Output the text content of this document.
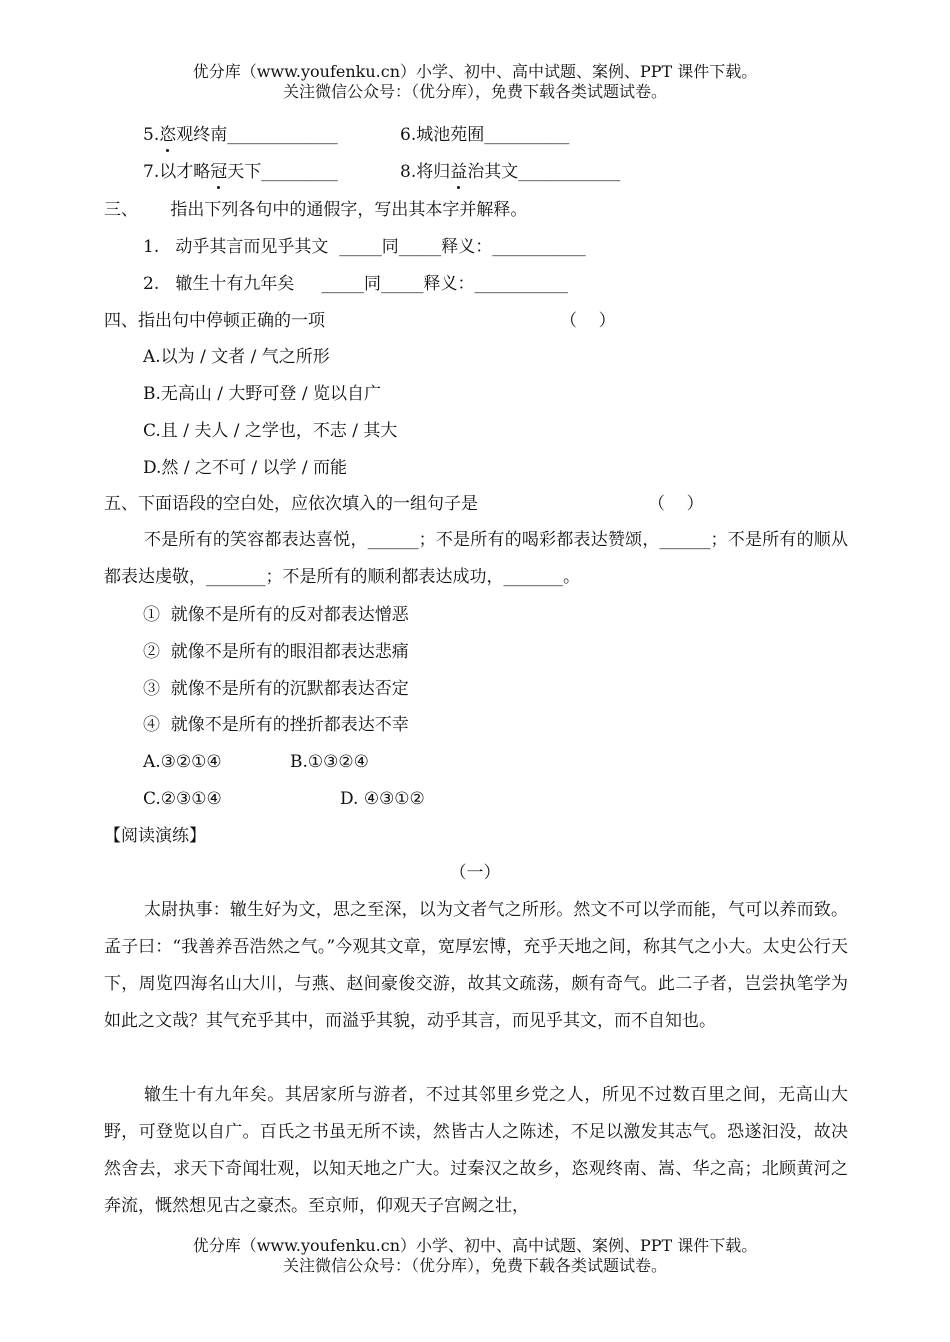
优分库（www.youfenku.cn）小学、初中、高中试题、案例、PPT 课件下载。
关注微信公众号：（优分库），免费下载各类试题试卷。
5.恣观终南_____________	6.城池苑囿__________
7.以才略冠天下_________	8.将归益治其文____________
三、      指出下列各句中的通假字，写出其本字并解释。
1.   动乎其言而见乎其文  _____同_____释义：___________
2.   辙生十有九年矣     _____同_____释义：___________
四、指出句中停顿正确的一项	（    ）
A.以为 / 文者 / 气之所形
B.无高山 / 大野可登 / 览以自广
C.且 / 夫人 / 之学也，不志 / 其大
D.然 / 之不可 / 以学 / 而能
五、下面语段的空白处，应依次填入的一组句子是	（    ）
不是所有的笑容都表达喜悦，______；不是所有的喝彩都表达赞颂，______；不是所有的顺从都表达虔敬，_______；不是所有的顺利都表达成功，_______。
①  就像不是所有的反对都表达憎恶
②  就像不是所有的眼泪都表达悲痛
③  就像不是所有的沉默都表达否定
④  就像不是所有的挫折都表达不幸
A.③②①④	B.①③②④
C.②③①④	D. ④③①②
【阅读演练】
（一）
太尉执事：辙生好为文，思之至深，以为文者气之所形。然文不可以学而能，气可以养而致。孟子曰：“我善养吾浩然之气。”今观其文章，宽厚宏博，充乎天地之间，称其气之小大。太史公行天下，周览四海名山大川，与燕、赵间豪俊交游，故其文疏荡，颇有奇气。此二子者，岂尝执笔学为如此之文哉？其气充乎其中，而溢乎其貌，动乎其言，而见乎其文，而不自知也。
辙生十有九年矣。其居家所与游者，不过其邻里乡党之人，所见不过数百里之间，无高山大野，可登览以自广。百氏之书虽无所不读，然皆古人之陈述，不足以激发其志气。恐遂汩没，故决然舍去，求天下奇闻壮观，以知天地之广大。过秦汉之故乡，恣观终南、嵩、华之高；北顾黄河之奔流，慨然想见古之豪杰。至京师，仰观天子宫阙之壮，
优分库（www.youfenku.cn）小学、初中、高中试题、案例、PPT 课件下载。
关注微信公众号：（优分库），免费下载各类试题试卷。
